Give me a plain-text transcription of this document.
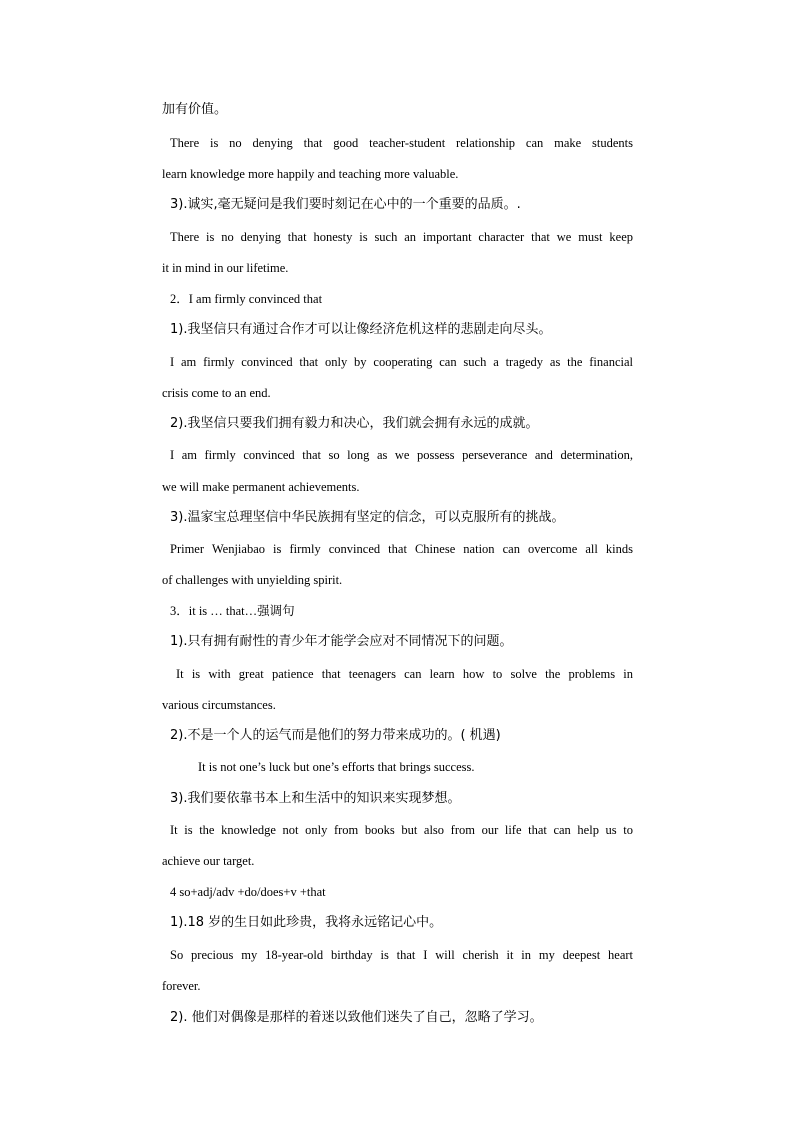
加有价值。
There is no denying that good teacher-student relationship can make students
learn knowledge more happily and teaching more valuable.
3).诚实,毫无疑问是我们要时刻记在心中的一个重要的品质。.
There is no denying that honesty is such an important character that we must keep
it in mind in our lifetime.
2．I am firmly convinced that
1).我坚信只有通过合作才可以让像经济危机这样的悲剧走向尽头。
I am firmly convinced that only by cooperating can such a tragedy as the financial
crisis come to an end.
2).我坚信只要我们拥有毅力和决心，我们就会拥有永远的成就。
I am firmly convinced that so long as we possess perseverance and determination,
we will make permanent achievements.
3).温家宝总理坚信中华民族拥有坚定的信念，可以克服所有的挑战。
Primer Wenjiabao is firmly convinced that Chinese nation can overcome all kinds
of challenges with unyielding spirit.
3．it is … that…强调句
1).只有拥有耐性的青少年才能学会应对不同情况下的问题。
It is with great patience that teenagers can learn how to solve the problems in
various circumstances.
2).不是一个人的运气而是他们的努力带来成功的。( 机遇)
It is not one’s luck but one’s efforts that brings success.
3).我们要依靠书本上和生活中的知识来实现梦想。
It is the knowledge not only from books but also from our life that can help us to
achieve our target.
4 so+adj/adv +do/does+v +that
1).18 岁的生日如此珍贵，我将永远铭记心中。
So precious my 18-year-old birthday is that I will cherish it in my deepest heart
forever.
2). 他们对偶像是那样的着迷以致他们迷失了自己，忽略了学习。
